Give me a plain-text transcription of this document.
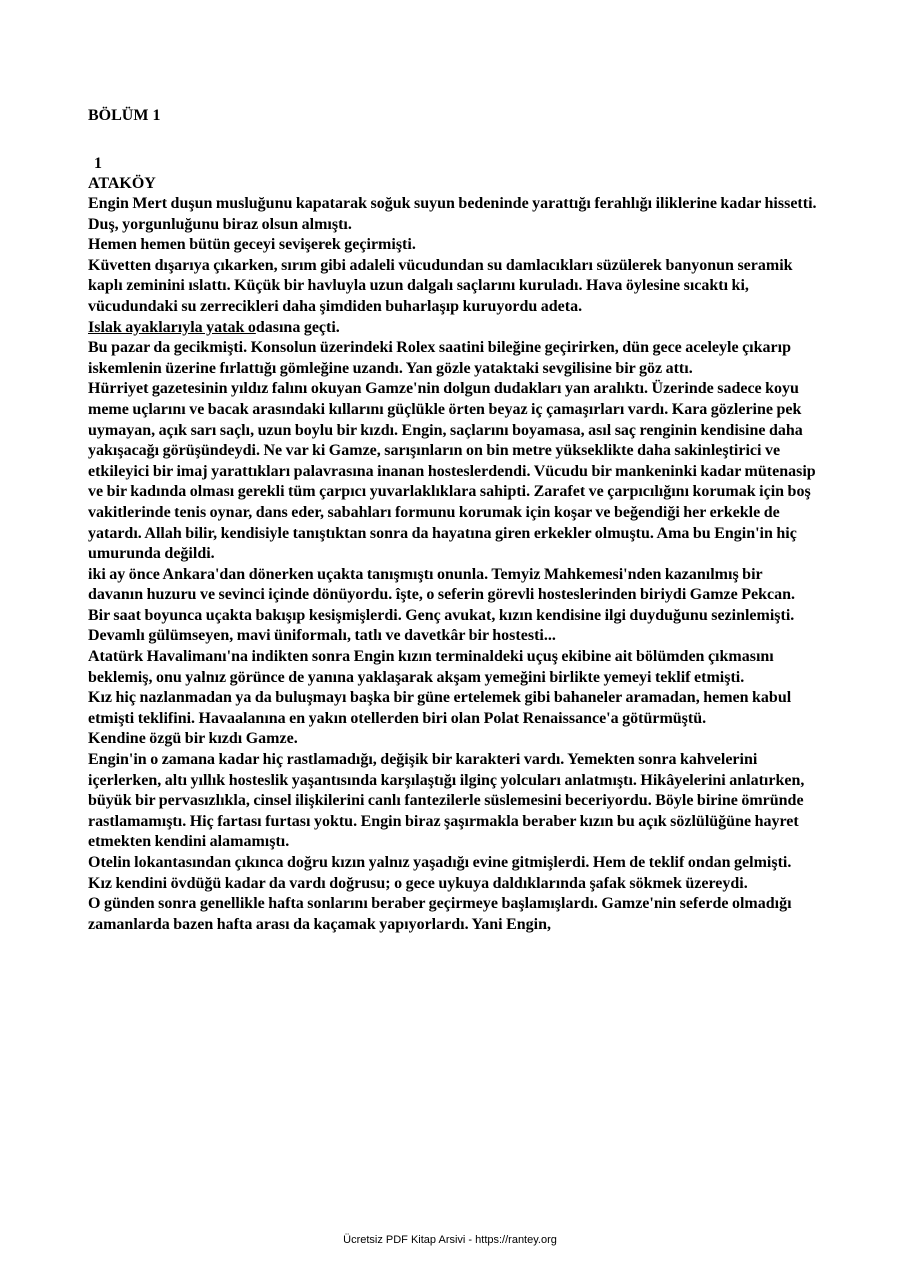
BÖLÜM 1

1

ATAKÖY

Engin Mert duşun musluğunu kapatarak soğuk suyun bedeninde yarattığı ferahlığı iliklerine kadar hissetti. Duş, yorgunluğunu biraz olsun almıştı.

Hemen hemen bütün geceyi sevişerek geçirmişti.

Küvetten dışarıya çıkarken, sırım gibi adaleli vücudundan su damlacıkları süzülerek banyonun seramik kaplı zeminini ıslattı. Küçük bir havluyla uzun dalgalı saçlarını kuruladı. Hava öylesine sıcaktı ki, vücudundaki su zerrecikleri daha şimdiden buharlaşıp kuruyordu adeta.

Islak ayaklarıyla yatak odasına geçti.

Bu pazar da gecikmişti. Konsolun üzerindeki Rolex saatini bileğine geçirirken, dün gece aceleyle çıkarıp iskemlenin üzerine fırlattığı gömleğine uzandı. Yan gözle yataktaki sevgilisine bir göz attı.

Hürriyet gazetesinin yıldız falını okuyan Gamze'nin dolgun dudakları yan aralıktı. Üzerinde sadece koyu meme uçlarını ve bacak arasındaki kıllarını güçlükle örten beyaz iç çamaşırları vardı. Kara gözlerine pek uymayan, açık sarı saçlı, uzun boylu bir kızdı. Engin, saçlarını boyamasa, asıl saç renginin kendisine daha yakışacağı görüşündeydi. Ne var ki Gamze, sarışınların on bin metre yükseklikte daha sakinleştirici ve etkileyici bir imaj yarattıkları palavrasına inanan hosteslerdendi. Vücudu bir mankeninki kadar mütenasip ve bir kadında olması gerekli tüm çarpıcı yuvarlaklıklara sahipti. Zarafet ve çarpıcılığını korumak için boş vakitlerinde tenis oynar, dans eder, sabahları formunu korumak için koşar ve beğendiği her erkekle de yatardı. Allah bilir, kendisiyle tanıştıktan sonra da hayatına giren erkekler olmuştu. Ama bu Engin'in hiç umurunda değildi.

iki ay önce Ankara'dan dönerken uçakta tanışmıştı onunla. Temyiz Mahkemesi'nden kazanılmış bir davanın huzuru ve sevinci içinde dönüyordu. îşte, o seferin görevli hosteslerinden biriydi Gamze Pekcan. Bir saat boyunca uçakta bakışıp kesişmişlerdi. Genç avukat, kızın kendisine ilgi duyduğunu sezinlemişti. Devamlı gülümseyen, mavi üniformalı, tatlı ve davetkâr bir hostesti...

Atatürk Havalimanı'na indikten sonra Engin kızın terminaldeki uçuş ekibine ait bölümden çıkmasını beklemiş, onu yalnız görünce de yanına yaklaşarak akşam yemeğini birlikte yemeyi teklif etmişti.

Kız hiç nazlanmadan ya da buluşmayı başka bir güne ertelemek gibi bahaneler aramadan, hemen kabul etmişti teklifini. Havaalanına en yakın otellerden biri olan Polat Renaissance'a götürmüştü.

Kendine özgü bir kızdı Gamze.

Engin'in o zamana kadar hiç rastlamadığı, değişik bir karakteri vardı. Yemekten sonra kahvelerini içerlerken, altı yıllık hosteslik yaşantısında karşılaştığı ilginç yolcuları anlatmıştı. Hikâyelerini anlatırken, büyük bir pervasızlıkla, cinsel ilişkilerini canlı fantezilerle süslemesini beceriyordu. Böyle birine ömründe rastlamamıştı. Hiç fartası furtası yoktu. Engin biraz şaşırmakla beraber kızın bu açık sözlülüğüne hayret etmekten kendini alamamıştı.

Otelin lokantasından çıkınca doğru kızın yalnız yaşadığı evine gitmişlerdi. Hem de teklif ondan gelmişti. Kız kendini övdüğü kadar da vardı doğrusu; o gece uykuya daldıklarında şafak sökmek üzereydi.

O günden sonra genellikle hafta sonlarını beraber geçirmeye başlamışlardı. Gamze'nin seferde olmadığı zamanlarda bazen hafta arası da kaçamak yapıyorlardı. Yani Engin,

Ücretsiz PDF Kitap Arsivi - https://rantey.org
